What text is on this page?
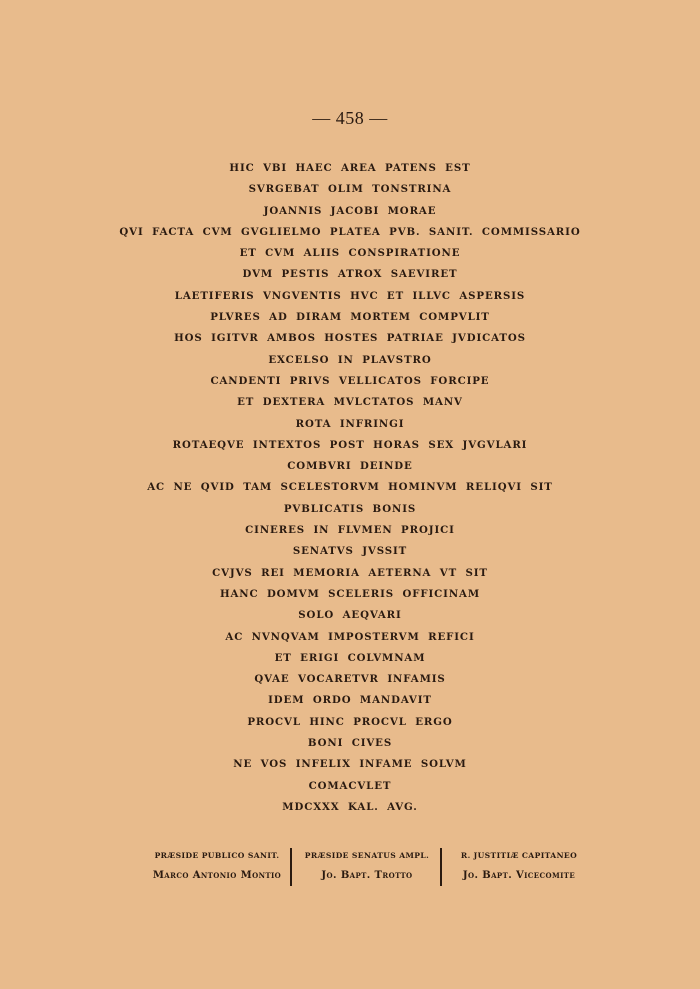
— 458 —
HIC VBI HAEC AREA PATENS EST
SVRGEBAT OLIM TONSTRINA
JOANNIS JACOBI MORAE
QVI FACTA CVM GVGLIELMO PLATEA PVB. SANIT. COMMISSARIO
ET CVM ALIIS CONSPIRATIONE
DVM PESTIS ATROX SAEVIRET
LAETIFERIS VNGVENTIS HVC ET ILLVC ASPERSIS
PLVRES AD DIRAM MORTEM COMPVLIT
HOS IGITVR AMBOS HOSTES PATRIAE JVDICATOS
EXCELSO IN PLAVSTRO
CANDENTI PRIVS VELLICATOS FORCIPE
ET DEXTERA MVLCTATOS MANV
ROTA INFRINGI
ROTAEQVE INTEXTOS POST HORAS SEX JVGVLARI
COMBVRI DEINDE
AC NE QVID TAM SCELESTORVM HOMINVM RELIQVI SIT
PVBLICATIS BONIS
CINERES IN FLVMEN PROJICI
SENATVS JVSSIT
CVJVS REI MEMORIA AETERNA VT SIT
HANC DOMVM SCELERIS OFFICINAM
SOLO AEQVARI
AC NVNQVAM IMPOSTERVM REFICI
ET ERIGI COLVMNAM
QVAE VOCARETVR INFAMIS
IDEM ORDO MANDAVIT
PROCVL HINC PROCVL ERGO
BONI CIVES
NE VOS INFELIX INFAME SOLVM
COMACVLET
MDCXXX KAL. AVG.
PRÆSIDE PUBLICO SANIT.
Marco Antonio Montio
PRÆSIDE SENATUS AMPL.
Jo. Bapt. Trotto
R. JUSTITIÆ CAPITANEO
Jo. Bapt. Vicecomite
